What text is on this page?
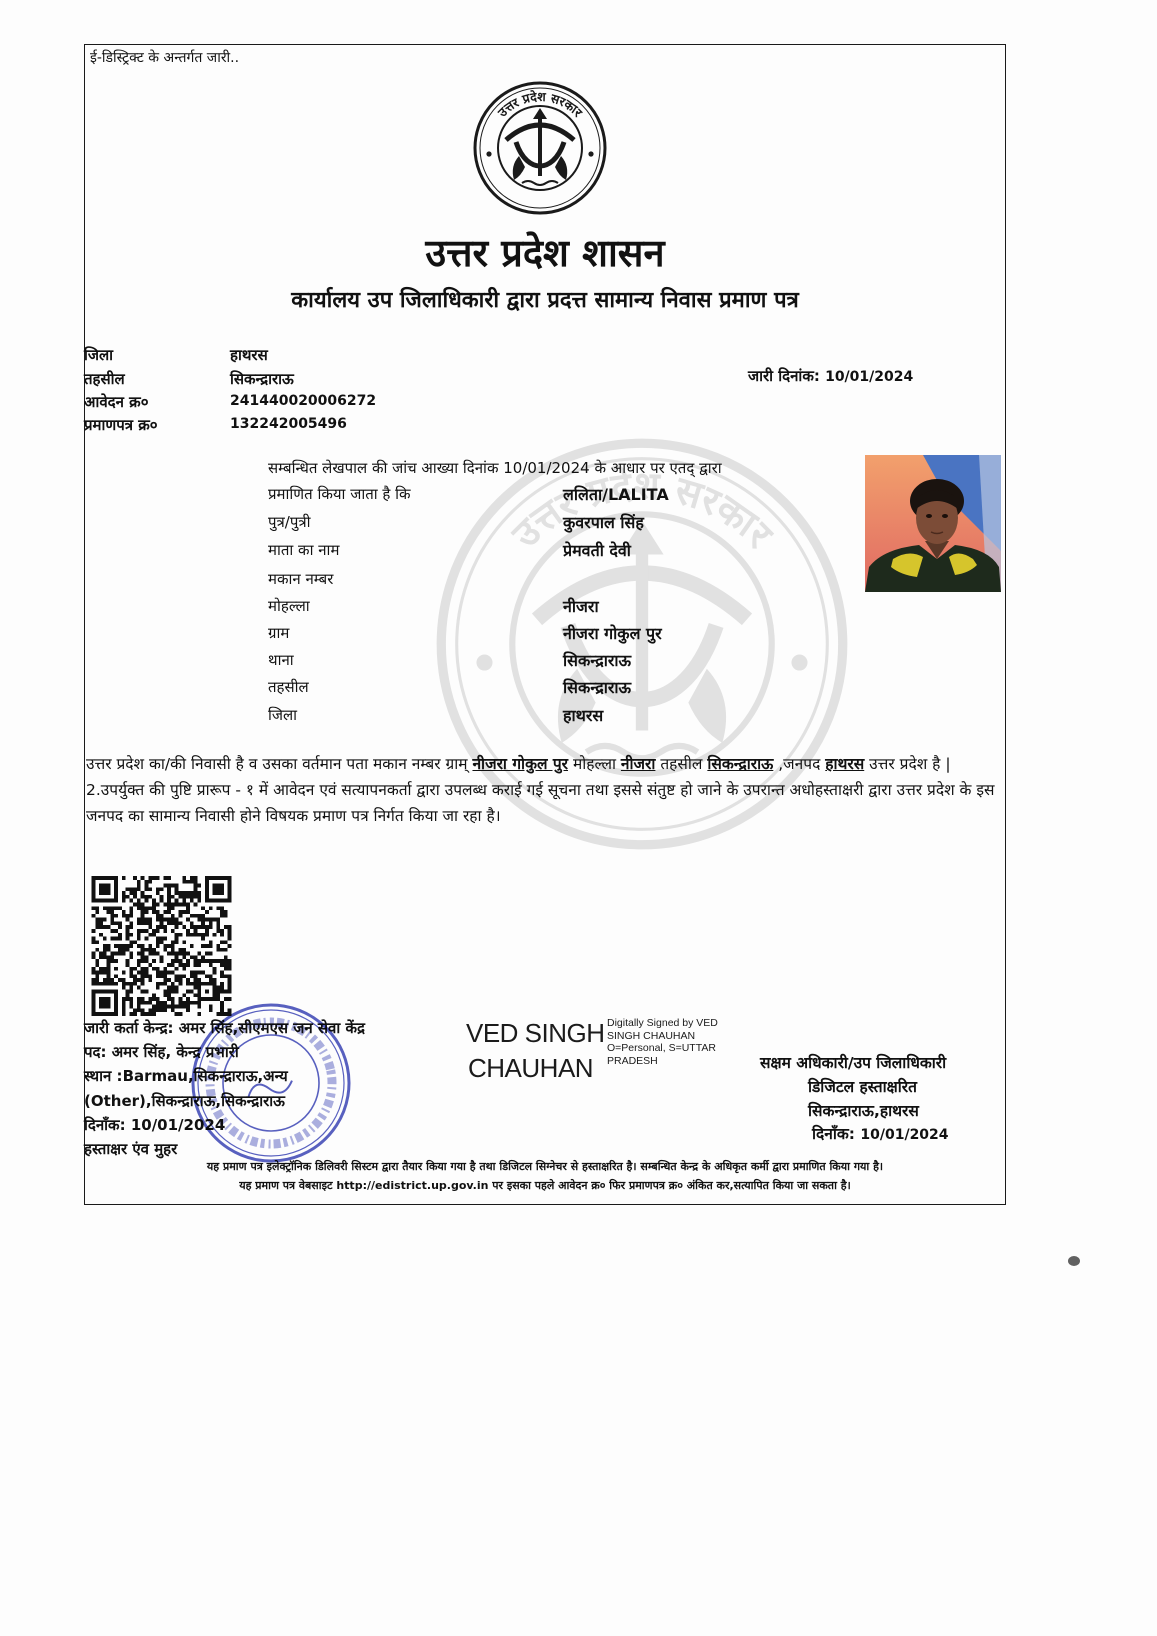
ई-डिस्ट्रिक्ट के अन्तर्गत जारी..
उत्तर प्रदेश शासन
कार्यालय उप जिलाधिकारी द्वारा प्रदत्त सामान्य निवास प्रमाण पत्र
जिला	हाथरस
तहसील	सिकन्द्राराऊ
आवेदन क्र०	241440020006272
प्रमाणपत्र क्र०	132242005496
जारी दिनांक: 10/01/2024
सम्बन्धित लेखपाल की जांच आख्या दिनांक 10/01/2024 के आधार पर एतद् द्वारा
प्रमाणित किया जाता है कि	ललिता/LALITA
पुत्र/पुत्री	कुवरपाल सिंह
माता का नाम	प्रेमवती देवी
मकान नम्बर
मोहल्ला	नीजरा
ग्राम	नीजरा गोकुल पुर
थाना	सिकन्द्राराऊ
तहसील	सिकन्द्राराऊ
जिला	हाथरस
उत्तर प्रदेश का/की निवासी है व उसका वर्तमान पता मकान नम्बर ग्राम् नीजरा गोकुल पुर मोहल्ला नीजरा तहसील सिकन्द्राराऊ ,जनपद हाथरस उत्तर प्रदेश है |
2.उपर्युक्त की पुष्टि प्रारूप - १ में आवेदन एवं सत्यापनकर्ता द्वारा उपलब्ध कराई गई सूचना तथा इससे संतुष्ट हो जाने के उपरान्त अधोहस्ताक्षरी द्वारा उत्तर प्रदेश के इस जनपद का सामान्य निवासी होने विषयक प्रमाण पत्र निर्गत किया जा रहा है।
जारी कर्ता केन्द्र: अमर सिंह,सीएमएस जन सेवा केंद्र
पद: अमर सिंह, केन्द्र प्रभारी
स्थान :Barmau,सिकन्द्राराऊ,अन्य
(Other),सिकन्द्राराऊ,सिकन्द्राराऊ
दिनाँक: 10/01/2024
हस्ताक्षर एंव मुहर
VED SINGH
CHAUHAN
Digitally Signed by VED
SINGH CHAUHAN
O=Personal, S=UTTAR
PRADESH	सक्षम अधिकारी/उप जिलाधिकारी
डिजिटल हस्ताक्षरित
सिकन्द्राराऊ,हाथरस
दिनाँक: 10/01/2024
यह प्रमाण पत्र इलेक्ट्रॉनिक डिलिवरी सिस्टम द्वारा तैयार किया गया है तथा डिजिटल सिग्नेचर से हस्ताक्षरित है। सम्बन्धित केन्द्र के अधिकृत कर्मी द्वारा प्रमाणित किया गया है।
यह प्रमाण पत्र वेबसाइट http://edistrict.up.gov.in पर इसका पहले आवेदन क्र० फिर प्रमाणपत्र क्र० अंकित कर,सत्यापित किया जा सकता है।
